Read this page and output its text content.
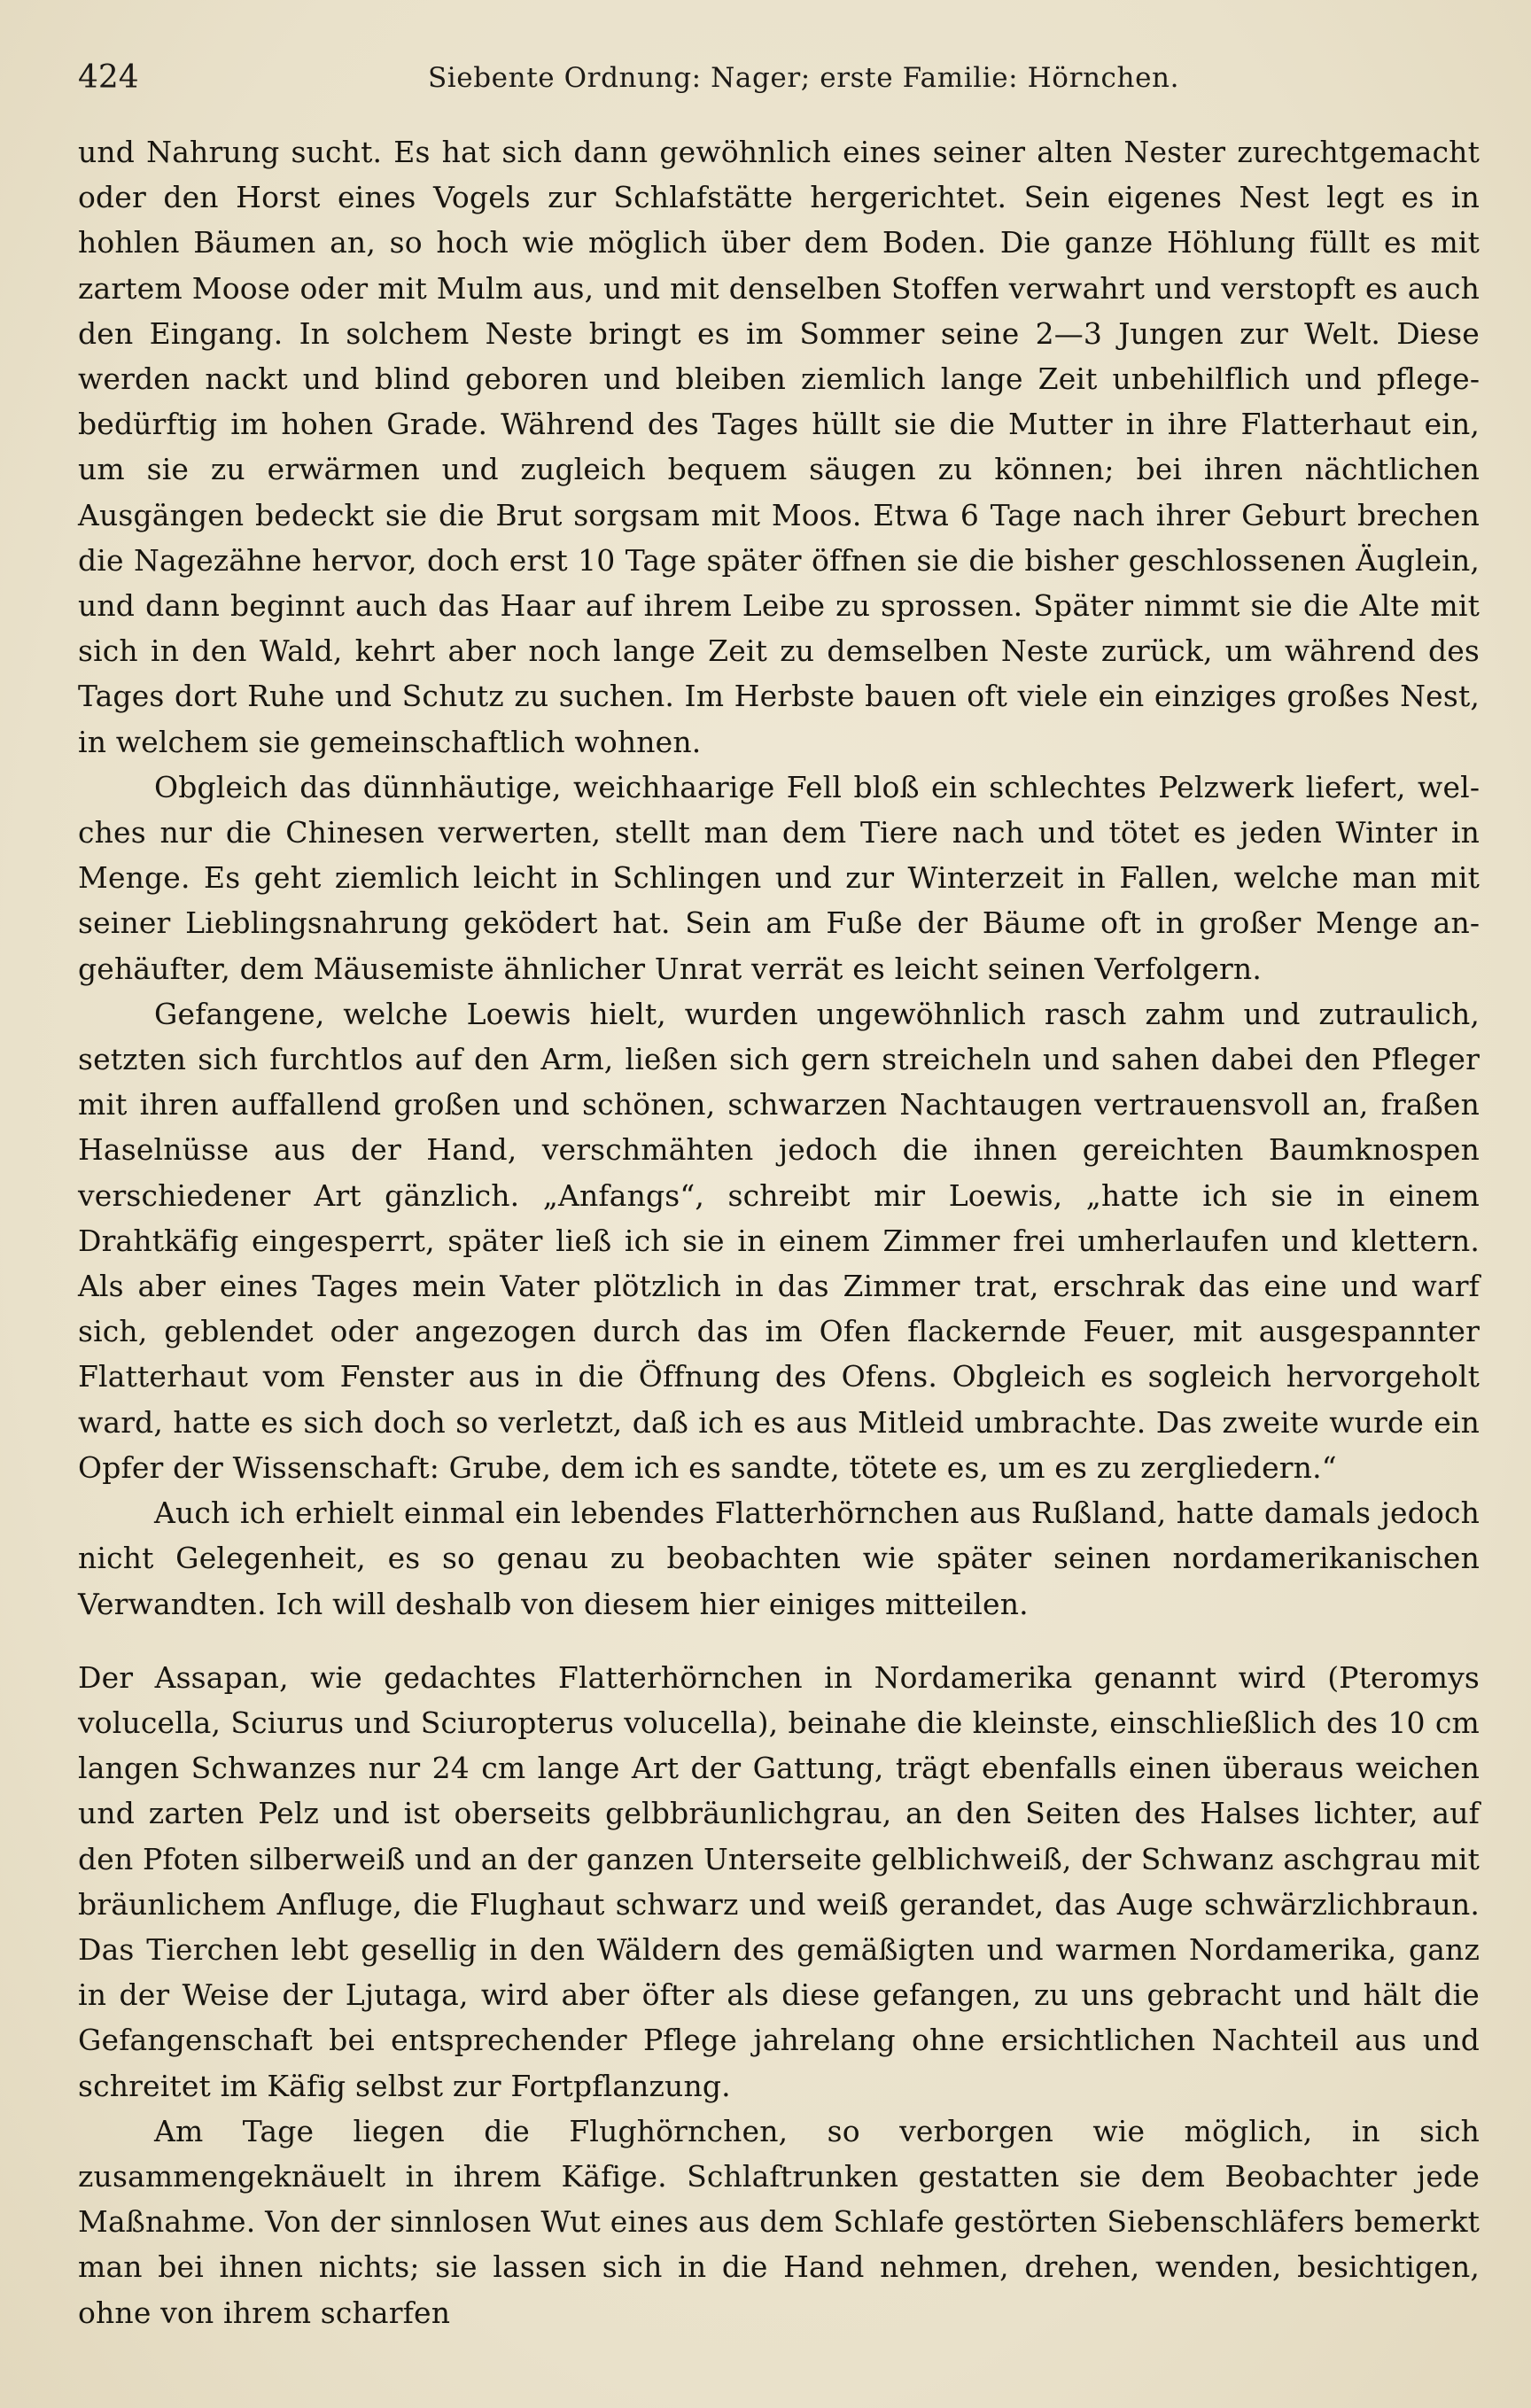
424	Siebente Ordnung: Nager; erste Familie: Hörnchen.

und Nahrung sucht. Es hat sich dann gewöhnlich eines seiner alten Nester zurechtgemacht oder den Horst eines Vogels zur Schlafstätte hergerichtet. Sein eigenes Nest legt es in hohlen Bäumen an, so hoch wie möglich über dem Boden. Die ganze Höhlung füllt es mit zartem Moose oder mit Mulm aus, und mit denselben Stoffen verwahrt und verstopft es auch den Eingang. In solchem Neste bringt es im Sommer seine 2—3 Jungen zur Welt. Diese werden nackt und blind geboren und bleiben ziemlich lange Zeit unbehilflich und pflegebedürftig im hohen Grade. Während des Tages hüllt sie die Mutter in ihre Flatterhaut ein, um sie zu erwärmen und zugleich bequem säugen zu können; bei ihren nächtlichen Ausgängen bedeckt sie die Brut sorgsam mit Moos. Etwa 6 Tage nach ihrer Geburt brechen die Nagezähne hervor, doch erst 10 Tage später öffnen sie die bisher geschlossenen Äuglein, und dann beginnt auch das Haar auf ihrem Leibe zu sprossen. Später nimmt sie die Alte mit sich in den Wald, kehrt aber noch lange Zeit zu demselben Neste zurück, um während des Tages dort Ruhe und Schutz zu suchen. Im Herbste bauen oft viele ein einziges großes Nest, in welchem sie gemeinschaftlich wohnen.

Obgleich das dünnhäutige, weichhaarige Fell bloß ein schlechtes Pelzwerk liefert, welches nur die Chinesen verwerten, stellt man dem Tiere nach und tötet es jeden Winter in Menge. Es geht ziemlich leicht in Schlingen und zur Winterzeit in Fallen, welche man mit seiner Lieblingsnahrung geködert hat. Sein am Fuße der Bäume oft in großer Menge angehäufter, dem Mäusemiste ähnlicher Unrat verrät es leicht seinen Verfolgern.

Gefangene, welche Loewis hielt, wurden ungewöhnlich rasch zahm und zutraulich, setzten sich furchtlos auf den Arm, ließen sich gern streicheln und sahen dabei den Pfleger mit ihren auffallend großen und schönen, schwarzen Nachtaugen vertrauensvoll an, fraßen Haselnüsse aus der Hand, verschmähten jedoch die ihnen gereichten Baumknospen verschiedener Art gänzlich. „Anfangs“, schreibt mir Loewis, „hatte ich sie in einem Drahtkäfig eingesperrt, später ließ ich sie in einem Zimmer frei umherlaufen und klettern. Als aber eines Tages mein Vater plötzlich in das Zimmer trat, erschrak das eine und warf sich, geblendet oder angezogen durch das im Ofen flackernde Feuer, mit ausgespannter Flatterhaut vom Fenster aus in die Öffnung des Ofens. Obgleich es sogleich hervorgeholt ward, hatte es sich doch so verletzt, daß ich es aus Mitleid umbrachte. Das zweite wurde ein Opfer der Wissenschaft: Grube, dem ich es sandte, tötete es, um es zu zergliedern.“

Auch ich erhielt einmal ein lebendes Flatterhörnchen aus Rußland, hatte damals jedoch nicht Gelegenheit, es so genau zu beobachten wie später seinen nordamerikanischen Verwandten. Ich will deshalb von diesem hier einiges mitteilen.

Der Assapan, wie gedachtes Flatterhörnchen in Nordamerika genannt wird (Pteromys volucella, Sciurus und Sciuropterus volucella), beinahe die kleinste, einschließlich des 10 cm langen Schwanzes nur 24 cm lange Art der Gattung, trägt ebenfalls einen überaus weichen und zarten Pelz und ist oberseits gelbbräunlichgrau, an den Seiten des Halses lichter, auf den Pfoten silberweiß und an der ganzen Unterseite gelblichweiß, der Schwanz aschgrau mit bräunlichem Anfluge, die Flughaut schwarz und weiß gerandet, das Auge schwärzlichbraun. Das Tierchen lebt gesellig in den Wäldern des gemäßigten und warmen Nordamerika, ganz in der Weise der Ljutaga, wird aber öfter als diese gefangen, zu uns gebracht und hält die Gefangenschaft bei entsprechender Pflege jahrelang ohne ersichtlichen Nachteil aus und schreitet im Käfig selbst zur Fortpflanzung.

Am Tage liegen die Flughörnchen, so verborgen wie möglich, in sich zusammengeknäuelt in ihrem Käfige. Schlaftrunken gestatten sie dem Beobachter jede Maßnahme. Von der sinnlosen Wut eines aus dem Schlafe gestörten Siebenschläfers bemerkt man bei ihnen nichts; sie lassen sich in die Hand nehmen, drehen, wenden, besichtigen, ohne von ihrem scharfen
